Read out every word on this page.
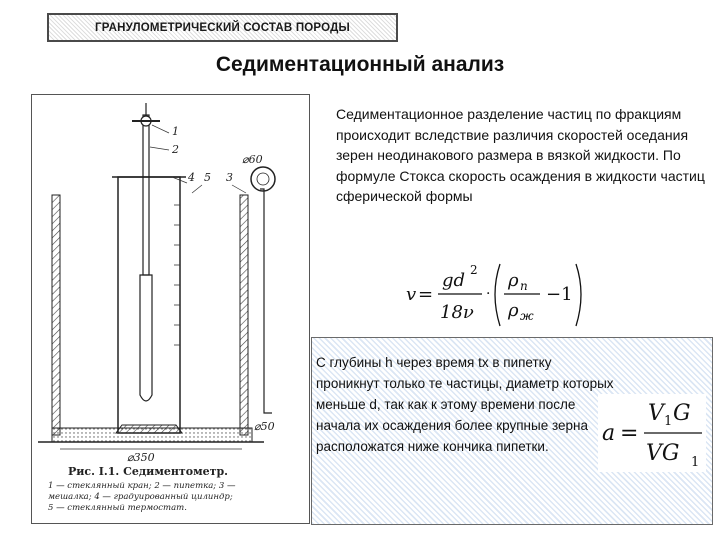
ГРАНУЛОМЕТРИЧЕСКИЙ СОСТАВ ПОРОДЫ
Седиментационный анализ
1
2
4 5 3
⌀60
⌀50
⌀350
Рис. I.1. Седиментометр.
1 — стеклянный кран; 2 — пипетка; 3 —
мешалка; 4 — градуированный цилиндр;
5 — стеклянный термостат.
Седиментационное разделение частиц по фракциям происходит вследствие различия скоростей оседания зерен неодинакового размера в вязкой жидкости. По формуле Стокса скорость осаждения в жидкости частиц сферической формы
v =
gd 2
18ν
·
ρ n
ρ ж
−1
С глубины h через время tx в пипетку проникнут только те частицы, диаметр которых меньше d, так как к этому времени после начала их осаждения более крупные зерна расположатся ниже кончика пипетки.
a =
V 1 G
VG 1
